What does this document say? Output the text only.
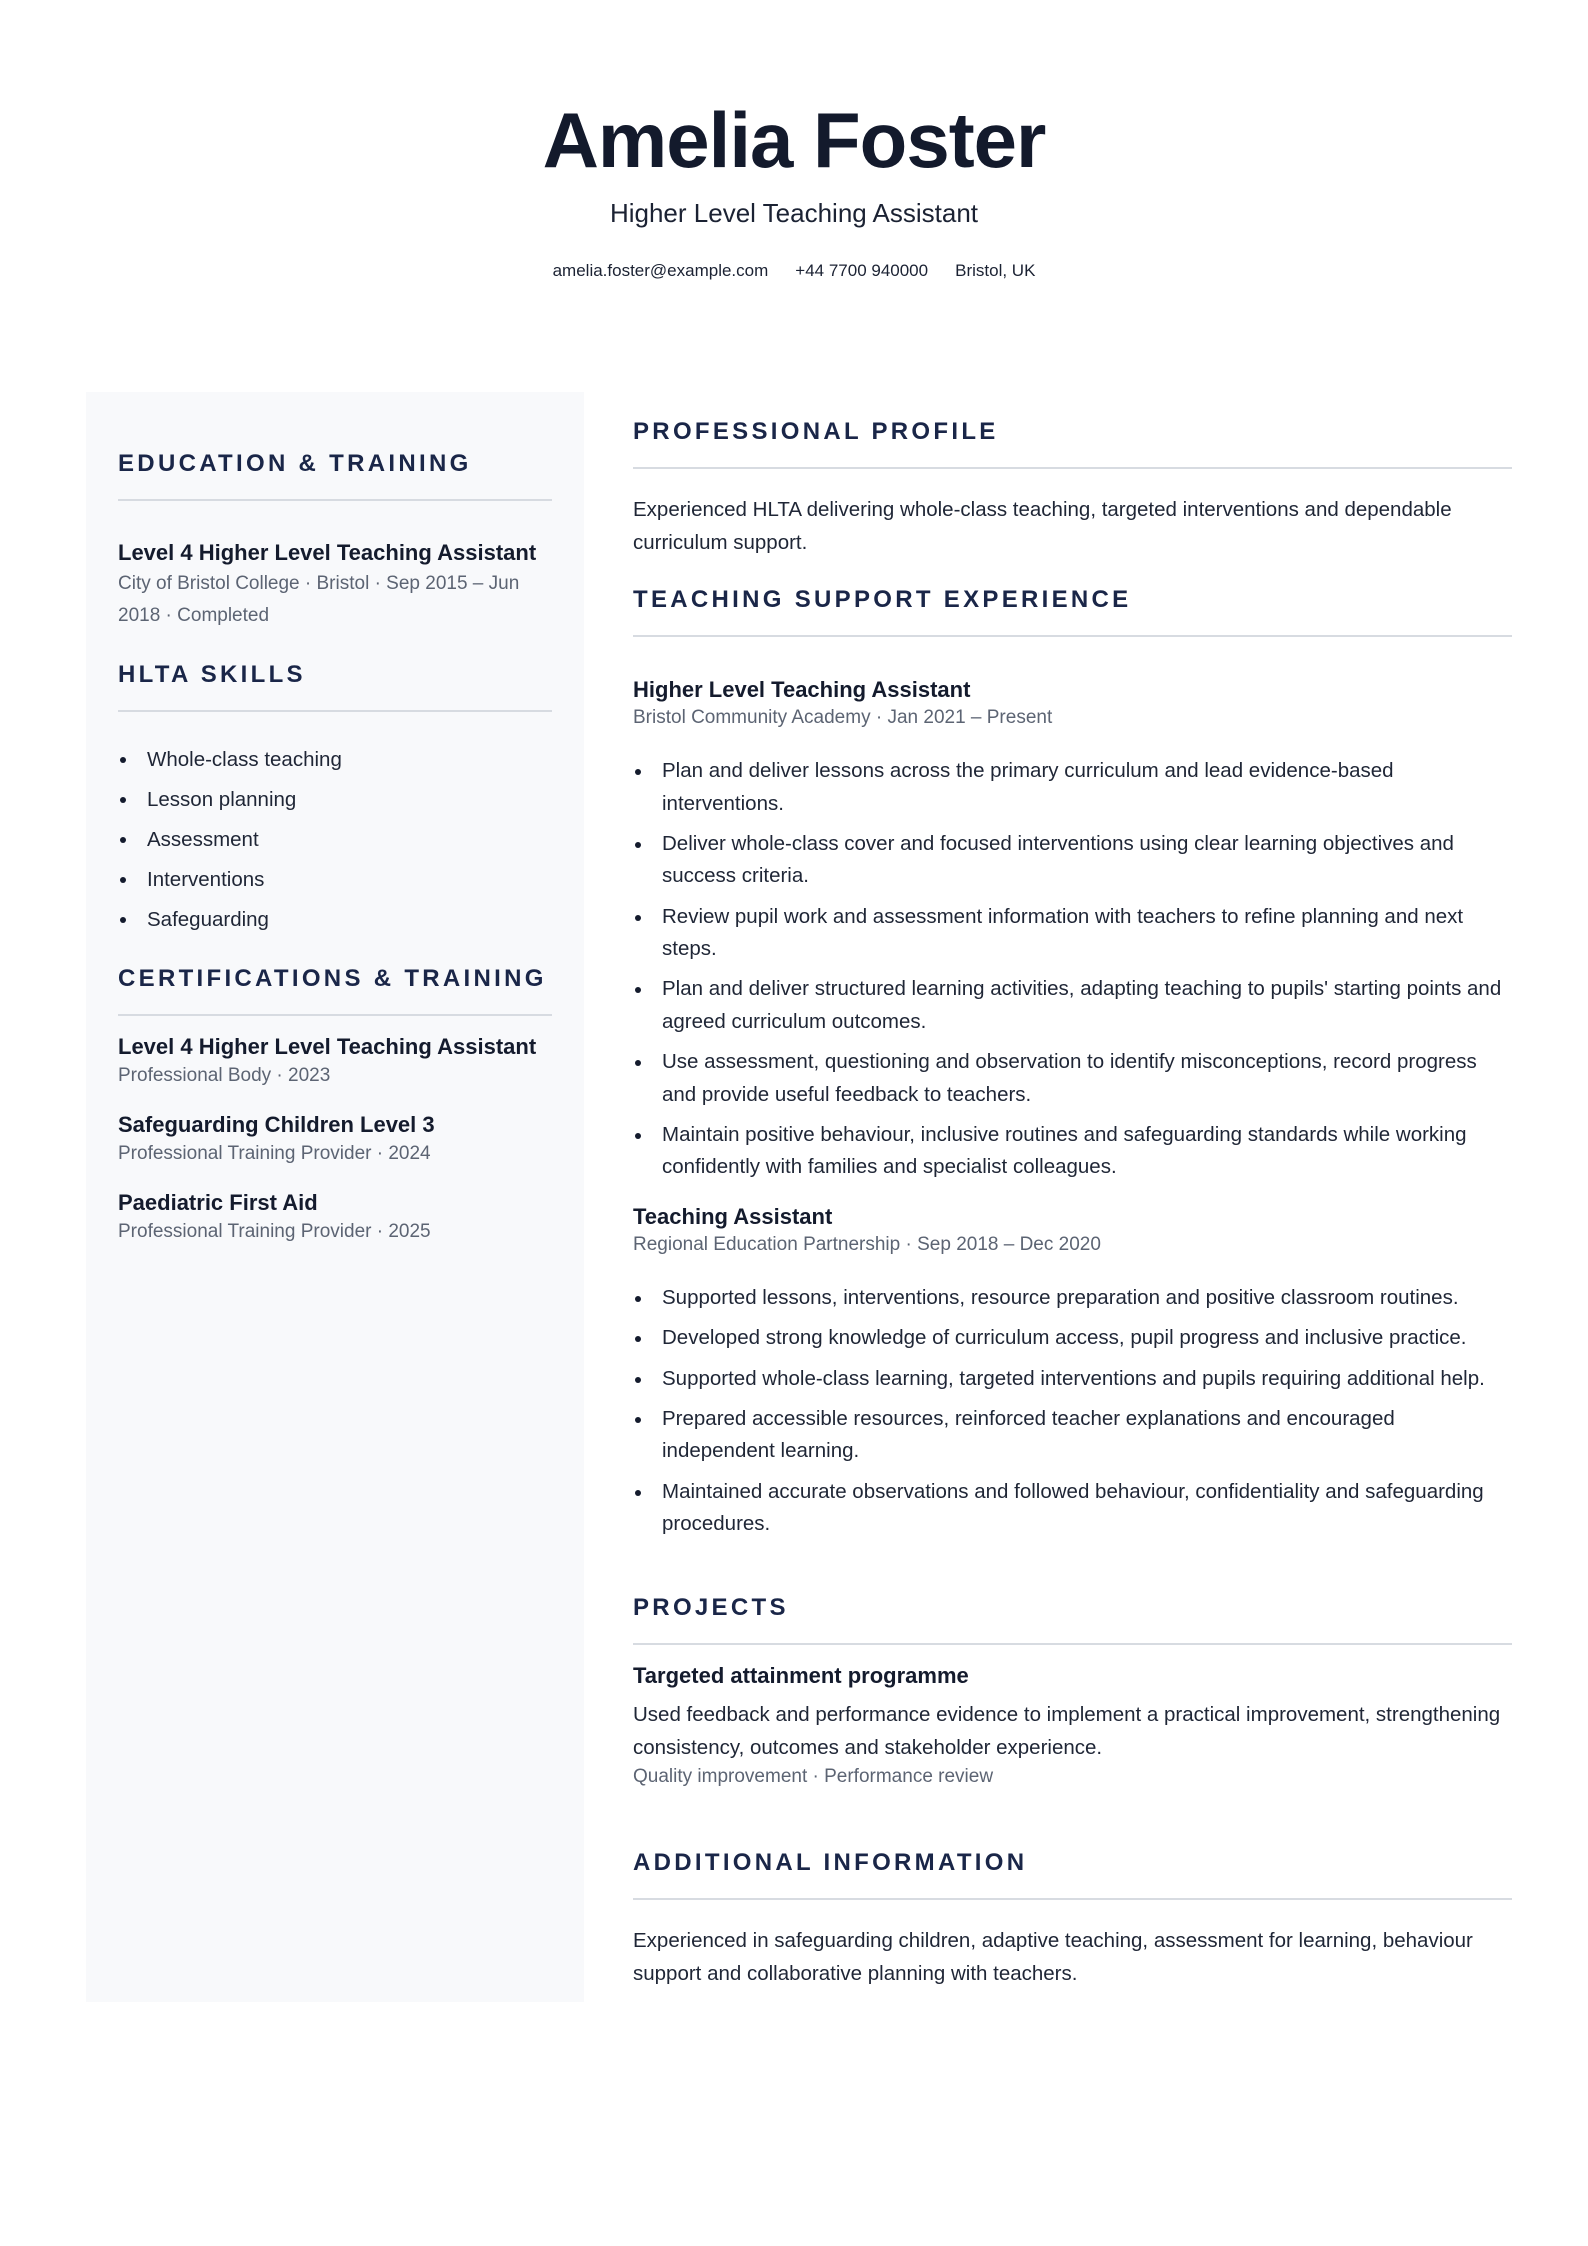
Amelia Foster
Higher Level Teaching Assistant
amelia.foster@example.com +44 7700 940000 Bristol, UK
EDUCATION & TRAINING
Level 4 Higher Level Teaching Assistant
City of Bristol College · Bristol · Sep 2015 – Jun 2018 · Completed
HLTA SKILLS
Whole-class teaching
Lesson planning
Assessment
Interventions
Safeguarding
CERTIFICATIONS & TRAINING
Level 4 Higher Level Teaching Assistant
Professional Body · 2023
Safeguarding Children Level 3
Professional Training Provider · 2024
Paediatric First Aid
Professional Training Provider · 2025
PROFESSIONAL PROFILE
Experienced HLTA delivering whole-class teaching, targeted interventions and dependable curriculum support.
TEACHING SUPPORT EXPERIENCE
Higher Level Teaching Assistant
Bristol Community Academy · Jan 2021 – Present
Plan and deliver lessons across the primary curriculum and lead evidence-based interventions.
Deliver whole-class cover and focused interventions using clear learning objectives and success criteria.
Review pupil work and assessment information with teachers to refine planning and next steps.
Plan and deliver structured learning activities, adapting teaching to pupils' starting points and agreed curriculum outcomes.
Use assessment, questioning and observation to identify misconceptions, record progress and provide useful feedback to teachers.
Maintain positive behaviour, inclusive routines and safeguarding standards while working confidently with families and specialist colleagues.
Teaching Assistant
Regional Education Partnership · Sep 2018 – Dec 2020
Supported lessons, interventions, resource preparation and positive classroom routines.
Developed strong knowledge of curriculum access, pupil progress and inclusive practice.
Supported whole-class learning, targeted interventions and pupils requiring additional help.
Prepared accessible resources, reinforced teacher explanations and encouraged independent learning.
Maintained accurate observations and followed behaviour, confidentiality and safeguarding procedures.
PROJECTS
Targeted attainment programme
Used feedback and performance evidence to implement a practical improvement, strengthening consistency, outcomes and stakeholder experience.
Quality improvement · Performance review
ADDITIONAL INFORMATION
Experienced in safeguarding children, adaptive teaching, assessment for learning, behaviour support and collaborative planning with teachers.
